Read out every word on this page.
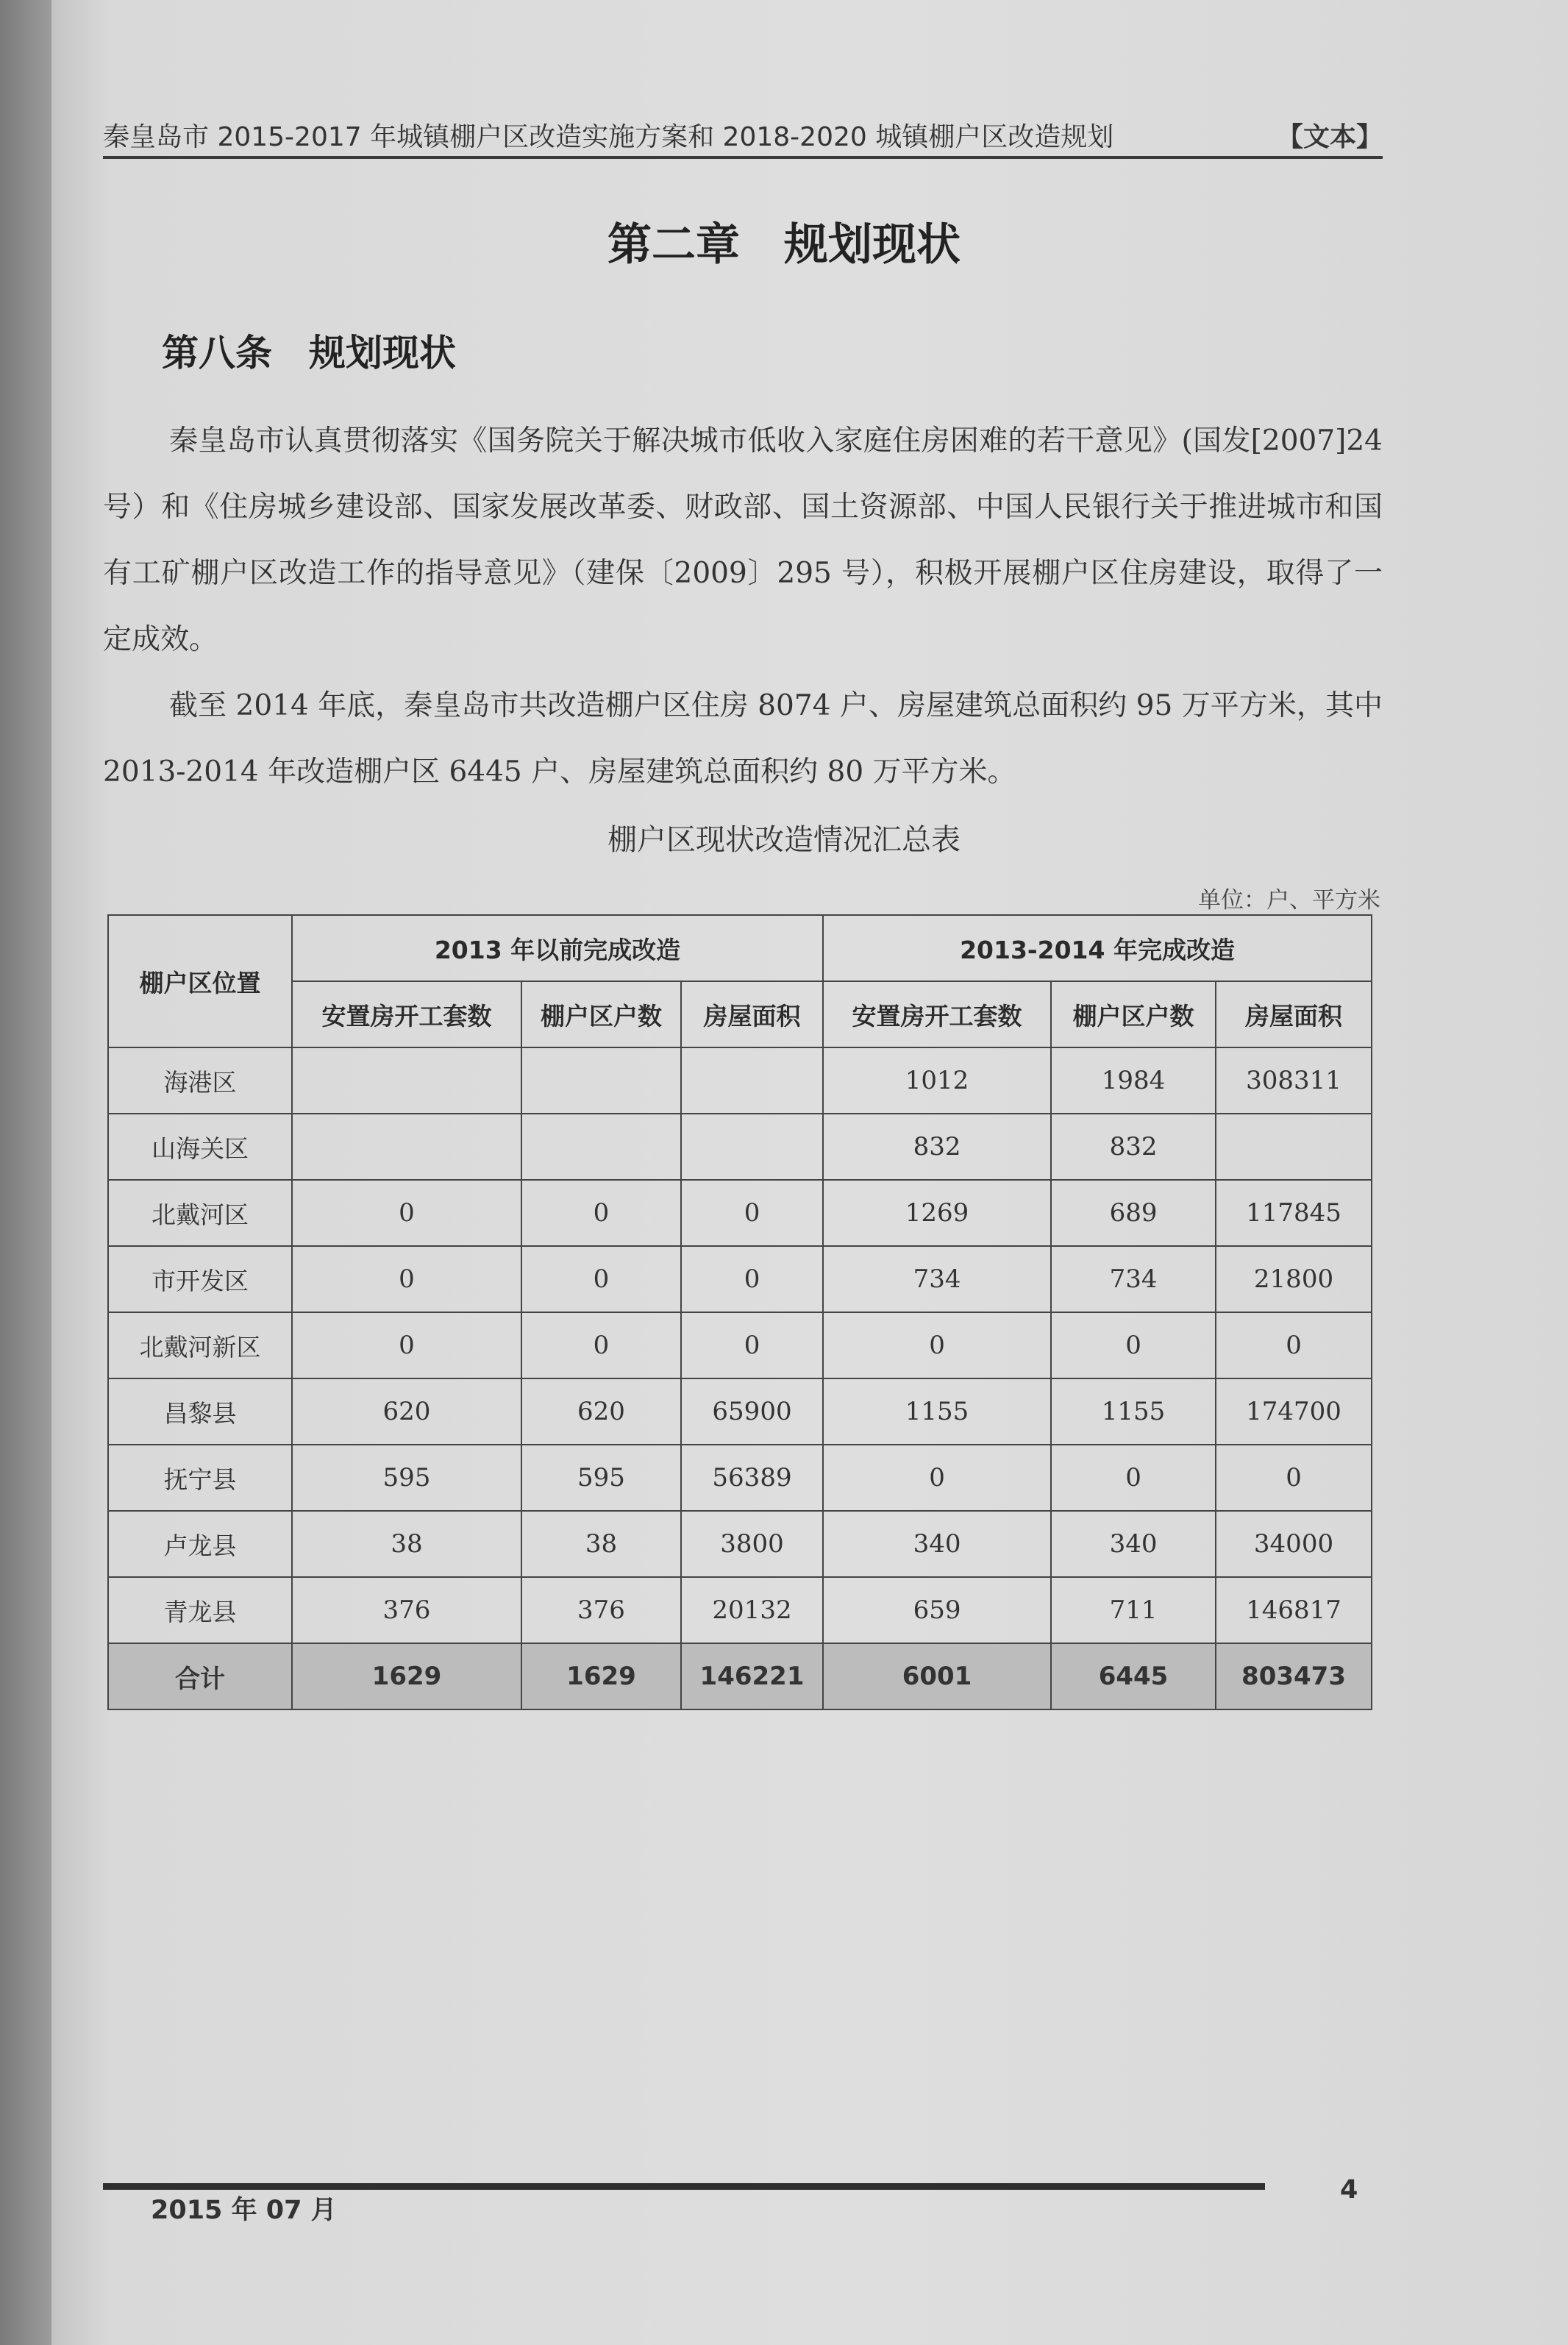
秦皇岛市 2015-2017 年城镇棚户区改造实施方案和 2018-2020 城镇棚户区改造规划	【文本】
第二章　规划现状
第八条　规划现状
秦皇岛市认真贯彻落实《国务院关于解决城市低收入家庭住房困难的若干意见》(国发[2007]24 号）和《住房城乡建设部、国家发展改革委、财政部、国土资源部、中国人民银行关于推进城市和国有工矿棚户区改造工作的指导意见》（建保〔2009〕295 号），积极开展棚户区住房建设，取得了一定成效。
截至 2014 年底，秦皇岛市共改造棚户区住房 8074 户、房屋建筑总面积约 95 万平方米，其中 2013-2014 年改造棚户区 6445 户、房屋建筑总面积约 80 万平方米。
棚户区现状改造情况汇总表
单位：户、平方米
棚户区位置	2013 年以前完成改造			2013-2014 年完成改造		
	安置房开工套数	棚户区户数	房屋面积	安置房开工套数	棚户区户数	房屋面积
海港区				1012	1984	308311
山海关区				832	832	
北戴河区	0	0	0	1269	689	117845
市开发区	0	0	0	734	734	21800
北戴河新区	0	0	0	0	0	0
昌黎县	620	620	65900	1155	1155	174700
抚宁县	595	595	56389	0	0	0
卢龙县	38	38	3800	340	340	34000
青龙县	376	376	20132	659	711	146817
合计	1629	1629	146221	6001	6445	803473
2015 年 07 月
4
